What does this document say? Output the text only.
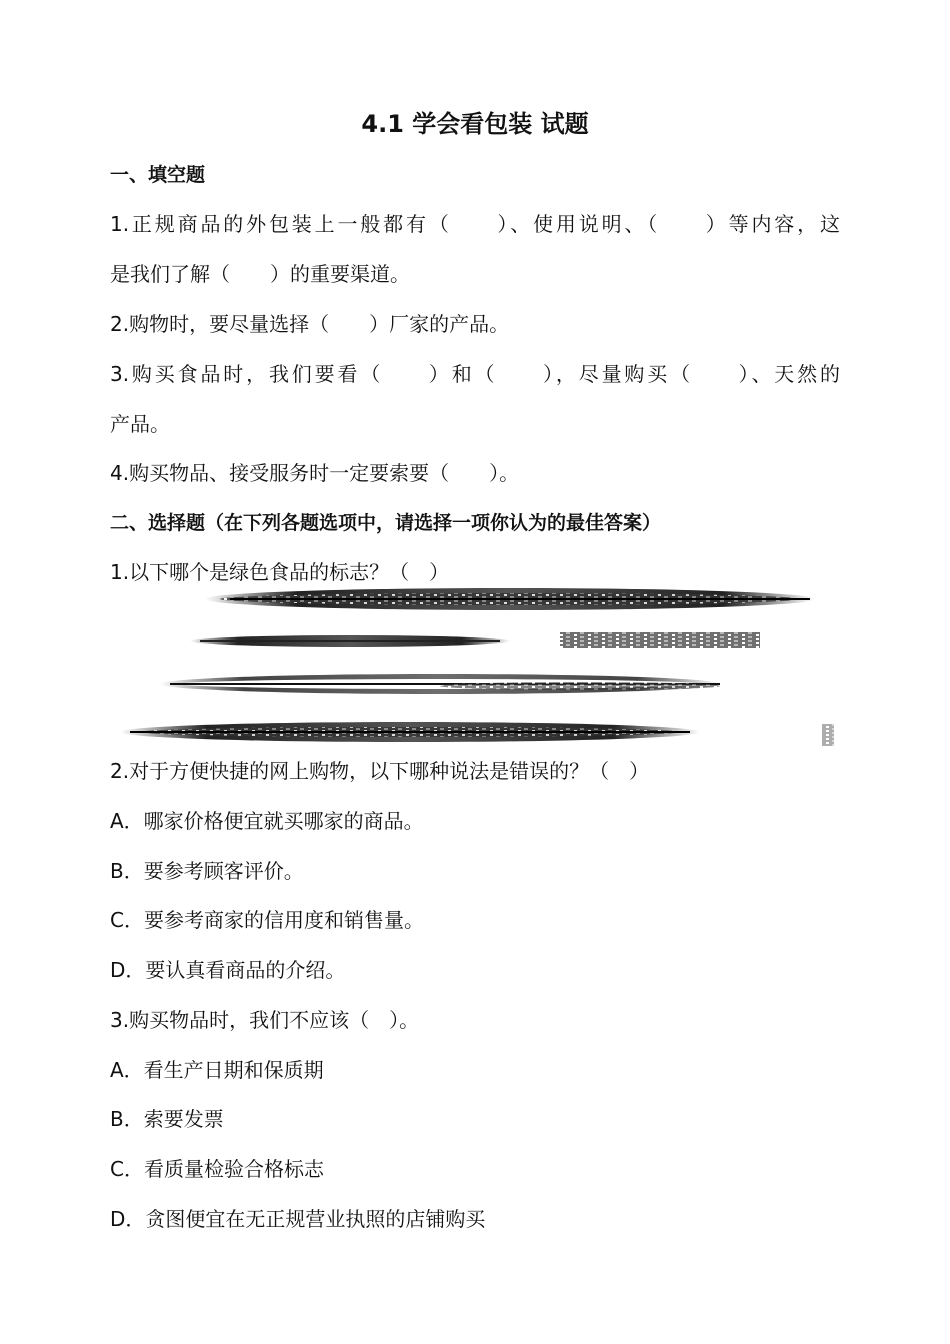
4.1 学会看包装 试题
一、填空题
1.正规商品的外包装上一般都有（　　）、使用说明、（　　）等内容，这
是我们了解（　　）的重要渠道。
2.购物时，要尽量选择（　　）厂家的产品。
3.购买食品时，我们要看（　　）和（　　），尽量购买（　　）、天然的
产品。
4.购买物品、接受服务时一定要索要（　　）。
二、选择题（在下列各题选项中，请选择一项你认为的最佳答案）
1.以下哪个是绿色食品的标志？（　）
2.对于方便快捷的网上购物，以下哪种说法是错误的？（　）
A．哪家价格便宜就买哪家的商品。
B．要参考顾客评价。
C．要参考商家的信用度和销售量。
D．要认真看商品的介绍。
3.购买物品时，我们不应该（　）。
A．看生产日期和保质期
B．索要发票
C．看质量检验合格标志
D．贪图便宜在无正规营业执照的店铺购买
